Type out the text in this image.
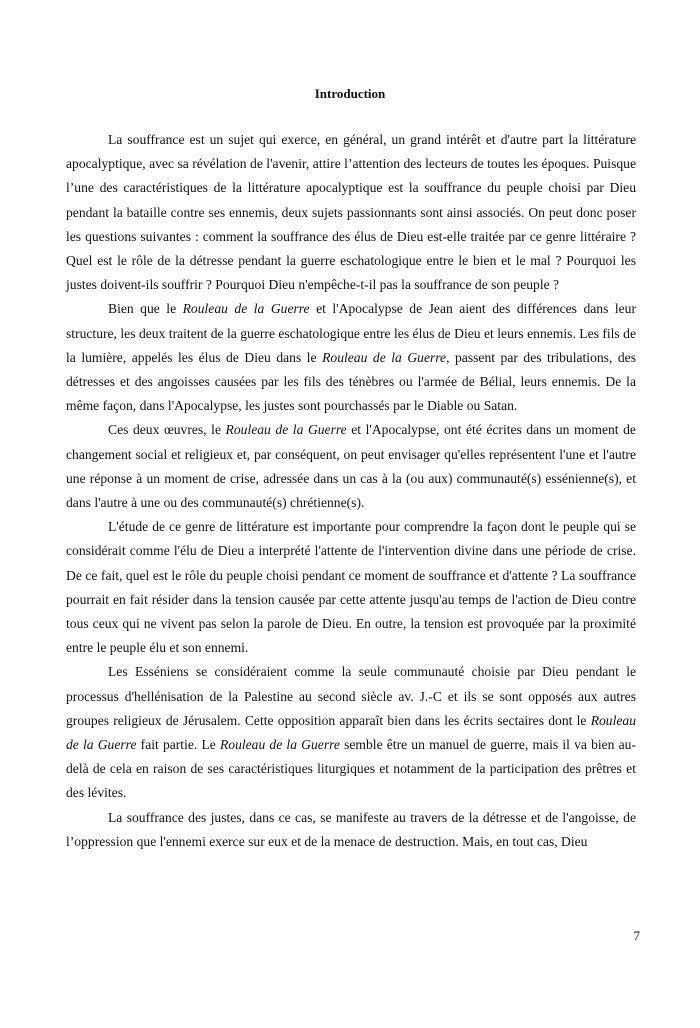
Introduction

La souffrance est un sujet qui exerce, en général, un grand intérêt et d'autre part la littérature apocalyptique, avec sa révélation de l'avenir, attire l’attention des lecteurs de toutes les époques. Puisque l’une des caractéristiques de la littérature apocalyptique est la souffrance du peuple choisi par Dieu pendant la bataille contre ses ennemis, deux sujets passionnants sont ainsi associés. On peut donc poser les questions suivantes : comment la souffrance des élus de Dieu est-elle traitée par ce genre littéraire ? Quel est le rôle de la détresse pendant la guerre eschatologique entre le bien et le mal ? Pourquoi les justes doivent-ils souffrir ? Pourquoi Dieu n'empêche-t-il pas la souffrance de son peuple ?

Bien que le Rouleau de la Guerre et l'Apocalypse de Jean aient des différences dans leur structure, les deux traitent de la guerre eschatologique entre les élus de Dieu et leurs ennemis. Les fils de la lumière, appelés les élus de Dieu dans le Rouleau de la Guerre, passent par des tribulations, des détresses et des angoisses causées par les fils des ténèbres ou l'armée de Bélial, leurs ennemis. De la même façon, dans l'Apocalypse, les justes sont pourchassés par le Diable ou Satan.

Ces deux œuvres, le Rouleau de la Guerre et l'Apocalypse, ont été écrites dans un moment de changement social et religieux et, par conséquent, on peut envisager qu'elles représentent l'une et l'autre une réponse à un moment de crise, adressée dans un cas à la (ou aux) communauté(s) essénienne(s), et dans l'autre à une ou des communauté(s) chrétienne(s).

L'étude de ce genre de littérature est importante pour comprendre la façon dont le peuple qui se considérait comme l'élu de Dieu a interprété l'attente de l'intervention divine dans une période de crise. De ce fait, quel est le rôle du peuple choisi pendant ce moment de souffrance et d'attente ? La souffrance pourrait en fait résider dans la tension causée par cette attente jusqu'au temps de l'action de Dieu contre tous ceux qui ne vivent pas selon la parole de Dieu. En outre, la tension est provoquée par la proximité entre le peuple élu et son ennemi.

Les Esséniens se considéraient comme la seule communauté choisie par Dieu pendant le processus d'hellénisation de la Palestine au second siècle av. J.-C et ils se sont opposés aux autres groupes religieux de Jérusalem. Cette opposition apparaît bien dans les écrits sectaires dont le Rouleau de la Guerre fait partie. Le Rouleau de la Guerre semble être un manuel de guerre, mais il va bien au-delà de cela en raison de ses caractéristiques liturgiques et notamment de la participation des prêtres et des lévites.

La souffrance des justes, dans ce cas, se manifeste au travers de la détresse et de l'angoisse, de l’oppression que l'ennemi exerce sur eux et de la menace de destruction. Mais, en tout cas, Dieu

7
